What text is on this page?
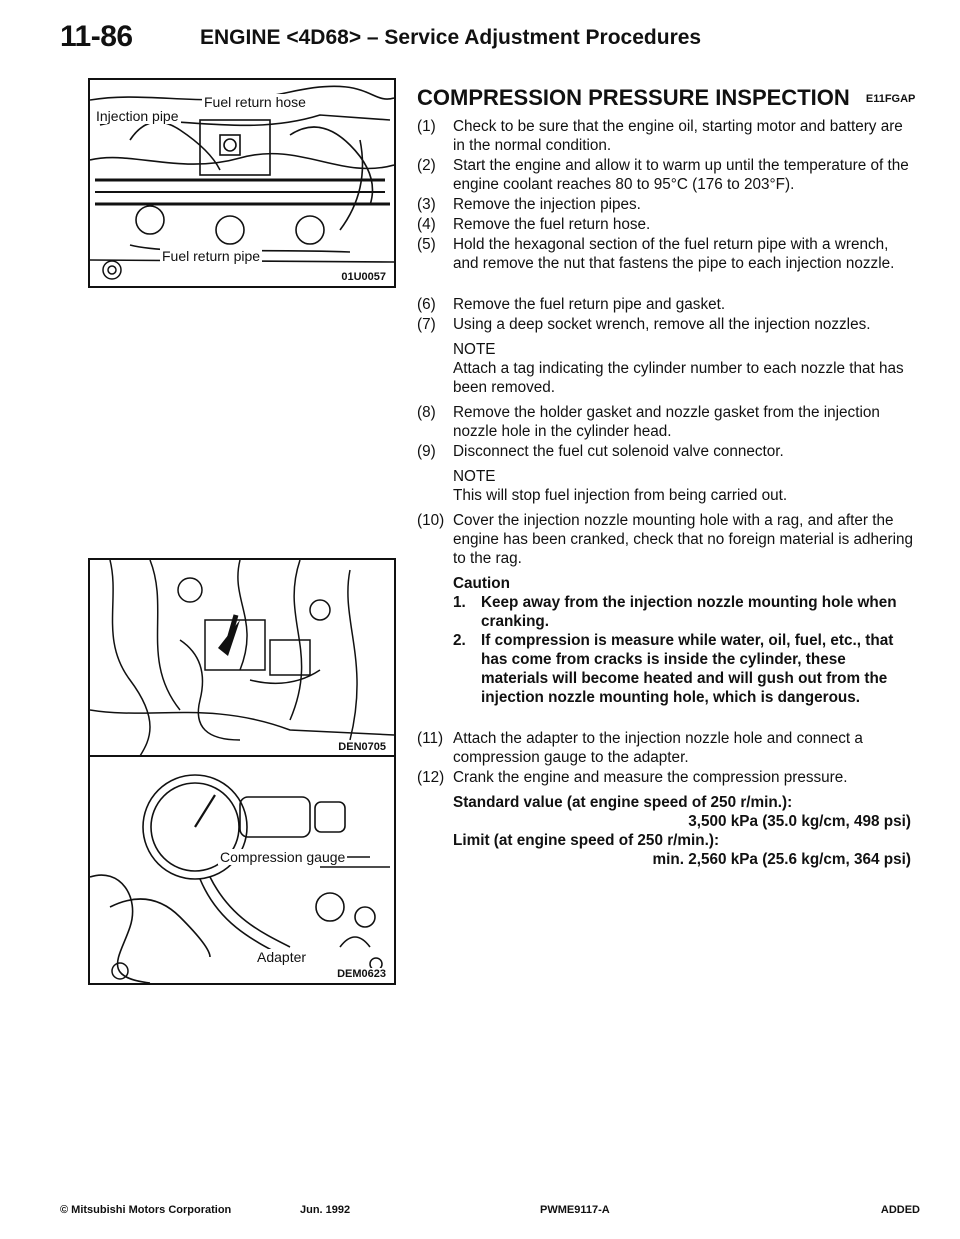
11-86	ENGINE <4D68> – Service Adjustment Procedures
Injection pipe
Fuel return hose
Fuel return pipe
01U0057
DEN0705
Compression gauge
Adapter
DEM0623
COMPRESSION PRESSURE INSPECTION E11FGAP
(1) Check to be sure that the engine oil, starting motor and battery are in the normal condition.
(2) Start the engine and allow it to warm up until the temperature of the engine coolant reaches 80 to 95°C (176 to 203°F).
(3) Remove the injection pipes.
(4) Remove the fuel return hose.
(5) Hold the hexagonal section of the fuel return pipe with a wrench, and remove the nut that fastens the pipe to each injection nozzle.
(6) Remove the fuel return pipe and gasket.
(7) Using a deep socket wrench, remove all the injection nozzles.
NOTE
Attach a tag indicating the cylinder number to each nozzle that has been removed.
(8) Remove the holder gasket and nozzle gasket from the injection nozzle hole in the cylinder head.
(9) Disconnect the fuel cut solenoid valve connector.
NOTE
This will stop fuel injection from being carried out.
(10) Cover the injection nozzle mounting hole with a rag, and after the engine has been cranked, check that no foreign material is adhering to the rag.
Caution
1. Keep away from the injection nozzle mounting hole when cranking.
2. If compression is measure while water, oil, fuel, etc., that has come from cracks is inside the cylinder, these materials will become heated and will gush out from the injection nozzle mounting hole, which is dangerous.
(11) Attach the adapter to the injection nozzle hole and connect a compression gauge to the adapter.
(12) Crank the engine and measure the compression pressure.
Standard value (at engine speed of 250 r/min.):
3,500 kPa (35.0 kg/cm, 498 psi)
Limit (at engine speed of 250 r/min.):
min. 2,560 kPa (25.6 kg/cm, 364 psi)
© Mitsubishi Motors Corporation	Jun. 1992	PWME9117-A	ADDED
